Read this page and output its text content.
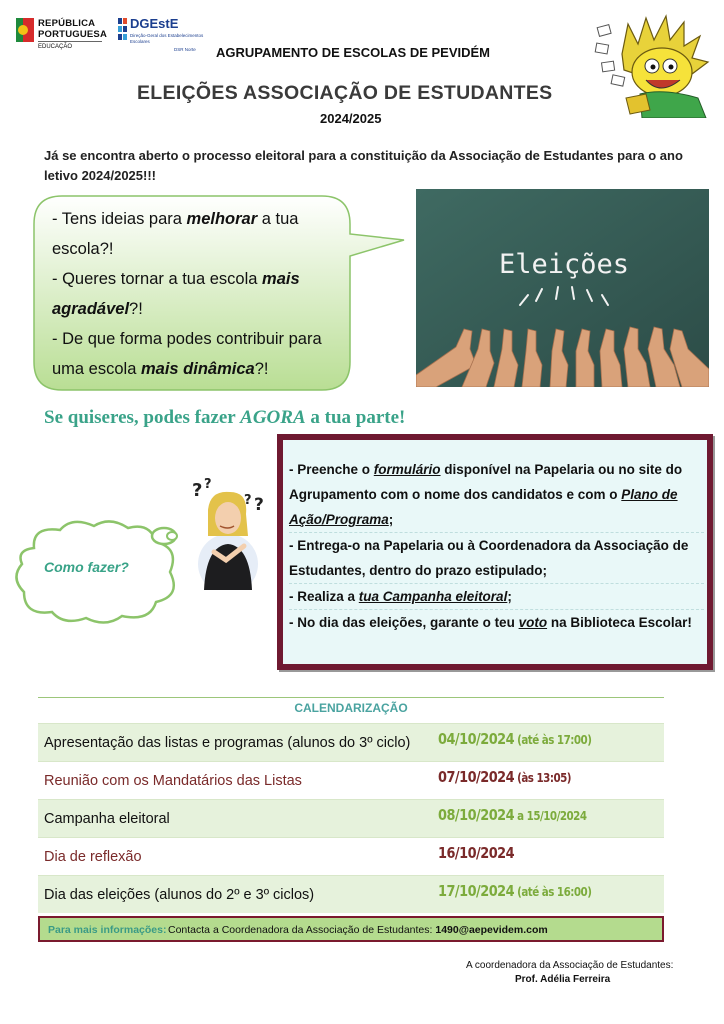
REPÚBLICA
PORTUGUESA
EDUCAÇÃO
DGEstE
Direção-Geral dos Estabelecimentos Escolares
DSR Norte AGRUPAMENTO DE ESCOLAS DE PEVIDÉM
ELEIÇÕES ASSOCIAÇÃO DE ESTUDANTES
2024/2025
Já se encontra aberto o processo eleitoral para a constituição da Associação de Estudantes para o ano letivo 2024/2025!!!
- Tens ideias para melhorar a tua escola?!
- Queres tornar a tua escola mais agradável?!
- De que forma podes contribuir para uma escola mais dinâmica?!
Eleições
Se quiseres, podes fazer AGORA a tua parte!
Como fazer?
? ?
? ?
- Preenche o formulário disponível na Papelaria ou no site do Agrupamento com o nome dos candidatos e com o Plano de Ação/Programa;
- Entrega-o na Papelaria ou à Coordenadora da Associação de Estudantes, dentro do prazo estipulado;
- Realiza a tua Campanha eleitoral;
- No dia das eleições, garante o teu voto na Biblioteca Escolar!
CALENDARIZAÇÃO
Apresentação das listas e programas (alunos do 3º ciclo) 04/10/2024 (até às 17:00)
Reunião com os Mandatários das Listas	07/10/2024 (às 13:05)
Campanha eleitoral	08/10/2024 a 15/10/2024
Dia de reflexão	16/10/2024
Dia das eleições (alunos do 2º e 3º ciclos)	17/10/2024 (até às 16:00)
Para mais informações: Contacta a Coordenadora da Associação de Estudantes: 1490@aepevidem.com
A coordenadora da Associação de Estudantes:
Prof. Adélia Ferreira
